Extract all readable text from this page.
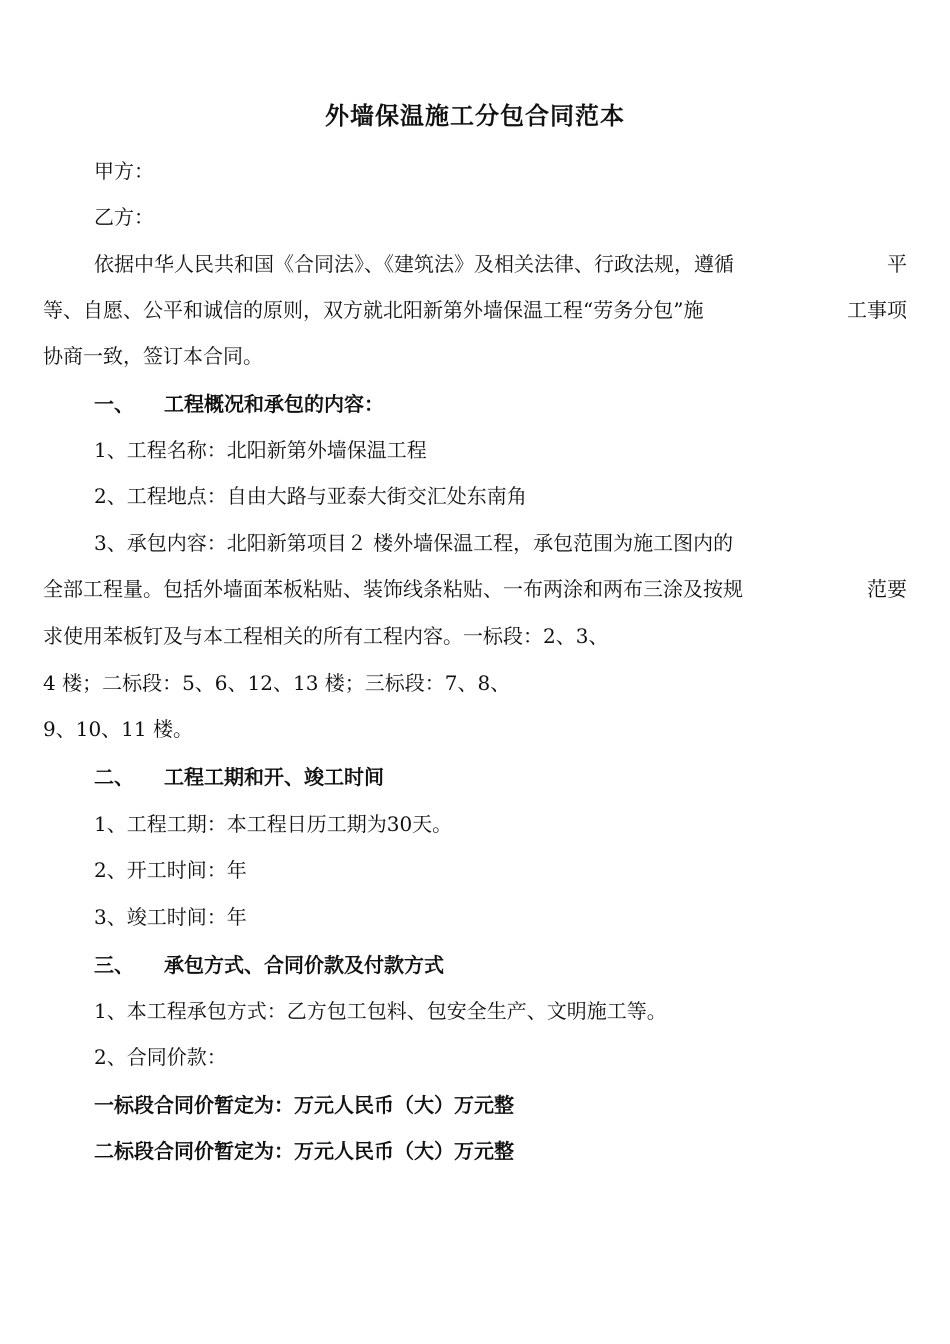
外墙保温施工分包合同范本
甲方：
乙方：
依据中华人民共和国《合同法》、《建筑法》及相关法律、行政法规，遵循	平
等、自愿、公平和诚信的原则，双方就北阳新第外墙保温工程“劳务分包”施	工事项
协商一致，签订本合同。
一、 工程概况和承包的内容：
1、工程名称：北阳新第外墙保温工程
2、工程地点：自由大路与亚泰大街交汇处东南角
3、承包内容：北阳新第项目２ 楼外墙保温工程，承包范围为施工图内的
全部工程量。包括外墙面苯板粘贴、装饰线条粘贴、一布两涂和两布三涂及按规	范要
求使用苯板钉及与本工程相关的所有工程内容。一标段：2、3、
4 楼；二标段：5、6、12、13 楼；三标段：7、8、
9、10、11 楼。
二、 工程工期和开、竣工时间
1、工程工期：本工程日历工期为30天。
2、开工时间：年
3、竣工时间：年
三、 承包方式、合同价款及付款方式
1、本工程承包方式：乙方包工包料、包安全生产、文明施工等。
2、合同价款：
一标段合同价暂定为：万元人民币（大）万元整
二标段合同价暂定为：万元人民币（大）万元整
